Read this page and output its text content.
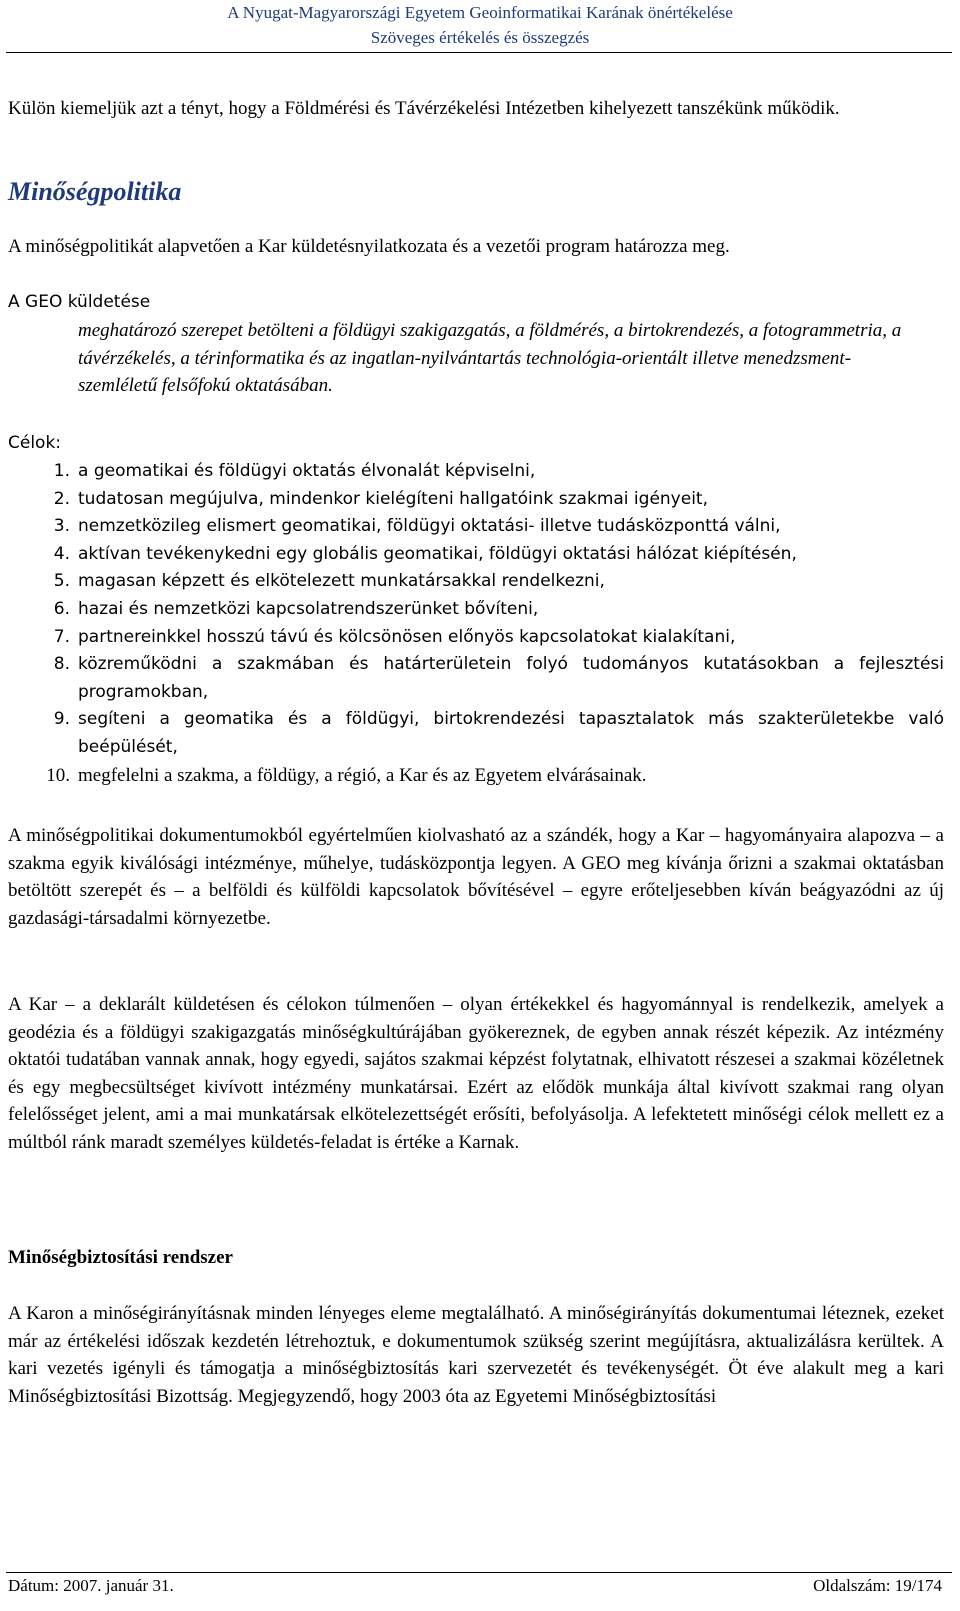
A Nyugat-Magyarországi Egyetem Geoinformatikai Karának önértékelése
Szöveges értékelés és összegzés

Külön kiemeljük azt a tényt, hogy a Földmérési és Távérzékelési Intézetben kihelyezett tanszékünk működik.

Minőségpolitika

A minőségpolitikát alapvetően a Kar küldetésnyilatkozata és a vezetői program határozza meg.

A GEO küldetése
meghatározó szerepet betölteni a földügyi szakigazgatás, a földmérés, a birtokrendezés, a fotogrammetria, a távérzékelés, a térinformatika és az ingatlan-nyilvántartás technológia-orientált illetve menedzsment-szemléletű felsőfokú oktatásában.
Célok:
1. a geomatikai és földügyi oktatás élvonalát képviselni,
2. tudatosan megújulva, mindenkor kielégíteni hallgatóink szakmai igényeit,
3. nemzetközileg elismert geomatikai, földügyi oktatási- illetve tudásközponttá válni,
4. aktívan tevékenykedni egy globális geomatikai, földügyi oktatási hálózat kiépítésén,
5. magasan képzett és elkötelezett munkatársakkal rendelkezni,
6. hazai és nemzetközi kapcsolatrendszerünket bővíteni,
7. partnereinkkel hosszú távú és kölcsönösen előnyös kapcsolatokat kialakítani,
8. közreműködni a szakmában és határterületein folyó tudományos kutatásokban a fejlesztési programokban,
9. segíteni a geomatika és a földügyi, birtokrendezési tapasztalatok más szakterületekbe való beépülését,
10. megfelelni a szakma, a földügy, a régió, a Kar és az Egyetem elvárásainak.

A minőségpolitikai dokumentumokból egyértelműen kiolvasható az a szándék, hogy a Kar – hagyományaira alapozva – a szakma egyik kiválósági intézménye, műhelye, tudásközpontja legyen. A GEO meg kívánja őrizni a szakmai oktatásban betöltött szerepét és – a belföldi és külföldi kapcsolatok bővítésével – egyre erőteljesebben kíván beágyazódni az új gazdasági-társadalmi környezetbe.

A Kar – a deklarált küldetésen és célokon túlmenően – olyan értékekkel és hagyománnyal is rendelkezik, amelyek a geodézia és a földügyi szakigazgatás minőségkultúrájában gyökereznek, de egyben annak részét képezik. Az intézmény oktatói tudatában vannak annak, hogy egyedi, sajátos szakmai képzést folytatnak, elhivatott részesei a szakmai közéletnek és egy megbecsültséget kivívott intézmény munkatársai. Ezért az elődök munkája által kivívott szakmai rang olyan felelősséget jelent, ami a mai munkatársak elkötelezettségét erősíti, befolyásolja. A lefektetett minőségi célok mellett ez a múltból ránk maradt személyes küldetés-feladat is értéke a Karnak.

Minőségbiztosítási rendszer

A Karon a minőségirányításnak minden lényeges eleme megtalálható. A minőségirányítás dokumentumai léteznek, ezeket már az értékelési időszak kezdetén létrehoztuk, e dokumentumok szükség szerint megújításra, aktualizálásra kerültek. A kari vezetés igényli és támogatja a minőségbiztosítás kari szervezetét és tevékenységét. Öt éve alakult meg a kari Minőségbiztosítási Bizottság. Megjegyzendő, hogy 2003 óta az Egyetemi Minőségbiztosítási

Dátum: 2007. január 31.	Oldalszám: 19/174
